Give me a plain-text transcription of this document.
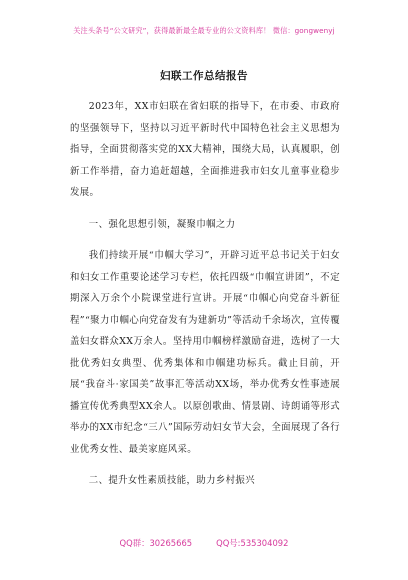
关注头条号“公文研究”，获得最新最全最专业的公文资料库！ 微信：gongwenyj
妇联工作总结报告

2023年，XX市妇联在省妇联的指导下，在市委、市政府的坚强领导下，坚持以习近平新时代中国特色社会主义思想为指导，全面贯彻落实党的XX大精神，围绕大局，认真履职，创新工作举措，奋力追赶超越，全面推进我市妇女儿童事业稳步发展。

一、强化思想引领，凝聚巾帼之力

我们持续开展“巾帼大学习”，开辟习近平总书记关于妇女和妇女工作重要论述学习专栏，依托四级“巾帼宣讲团”，不定期深入万余个小院课堂进行宣讲。开展“巾帼心向党奋斗新征程”“聚力巾帼心向党奋发有为建新功”等活动千余场次，宣传覆盖妇女群众XX万余人。坚持用巾帼榜样激励奋进，选树了一大批优秀妇女典型、优秀集体和巾帼建功标兵。截止目前，开展“我奋斗·家国美”故事汇等活动XX场，举办优秀女性事迹展播宣传优秀典型XX余人。以原创歌曲、情景剧、诗朗诵等形式举办的XX市纪念“三八”国际劳动妇女节大会，全面展现了各行业优秀女性、最美家庭风采。

二、提升女性素质技能，助力乡村振兴

QQ群：30265665	QQ号:535304092
